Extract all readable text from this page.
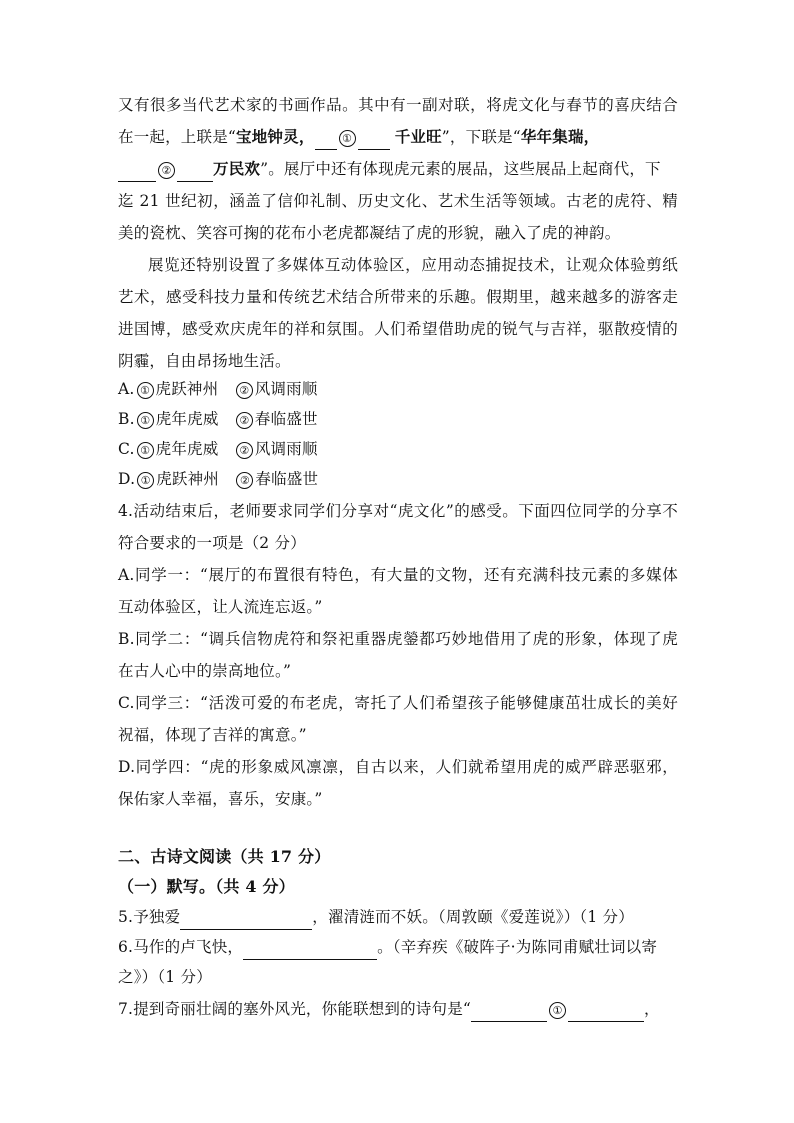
又有很多当代艺术家的书画作品。其中有一副对联，将虎文化与春节的喜庆结合
在一起，上联是“宝地钟灵， ①	千业旺”，下联是“华年集瑞，
②	万民欢”。展厅中还有体现虎元素的展品，这些展品上起商代，下
迄 21 世纪初，涵盖了信仰礼制、历史文化、艺术生活等领域。古老的虎符、精
美的瓷枕、笑容可掬的花布小老虎都凝结了虎的形貌，融入了虎的神韵。
展览还特别设置了多媒体互动体验区，应用动态捕捉技术，让观众体验剪纸
艺术，感受科技力量和传统艺术结合所带来的乐趣。假期里，越来越多的游客走
进国博，感受欢庆虎年的祥和氛围。人们希望借助虎的锐气与吉祥，驱散疫情的
阴霾，自由昂扬地生活。
A. ① 虎跃神州 ② 风调雨顺
B. ① 虎年虎威 ② 春临盛世
C. ① 虎年虎威 ② 风调雨顺
D. ① 虎跃神州 ② 春临盛世
4.活动结束后，老师要求同学们分享对“虎文化”的感受。下面四位同学的分享不
符合要求的一项是（2 分）
A.同学一：“展厅的布置很有特色，有大量的文物，还有充满科技元素的多媒体
互动体验区，让人流连忘返。”
B.同学二：“调兵信物虎符和祭祀重器虎鎣都巧妙地借用了虎的形象，体现了虎
在古人心中的崇高地位。”
C.同学三：“活泼可爱的布老虎，寄托了人们希望孩子能够健康茁壮成长的美好
祝福，体现了吉祥的寓意。”
D.同学四：“虎的形象威风凛凛，自古以来，人们就希望用虎的威严辟恶驱邪，
保佑家人幸福，喜乐，安康。”
二、古诗文阅读（共 17 分）
（一）默写。（共 4 分）
5.予独爱	，濯清涟而不妖。（周敦颐《爱莲说》）（1 分）
6.马作的卢飞快，	。（辛弃疾《破阵子·为陈同甫赋壮词以寄
之》）（1 分）
7.提到奇丽壮阔的塞外风光，你能联想到的诗句是“	①	，
